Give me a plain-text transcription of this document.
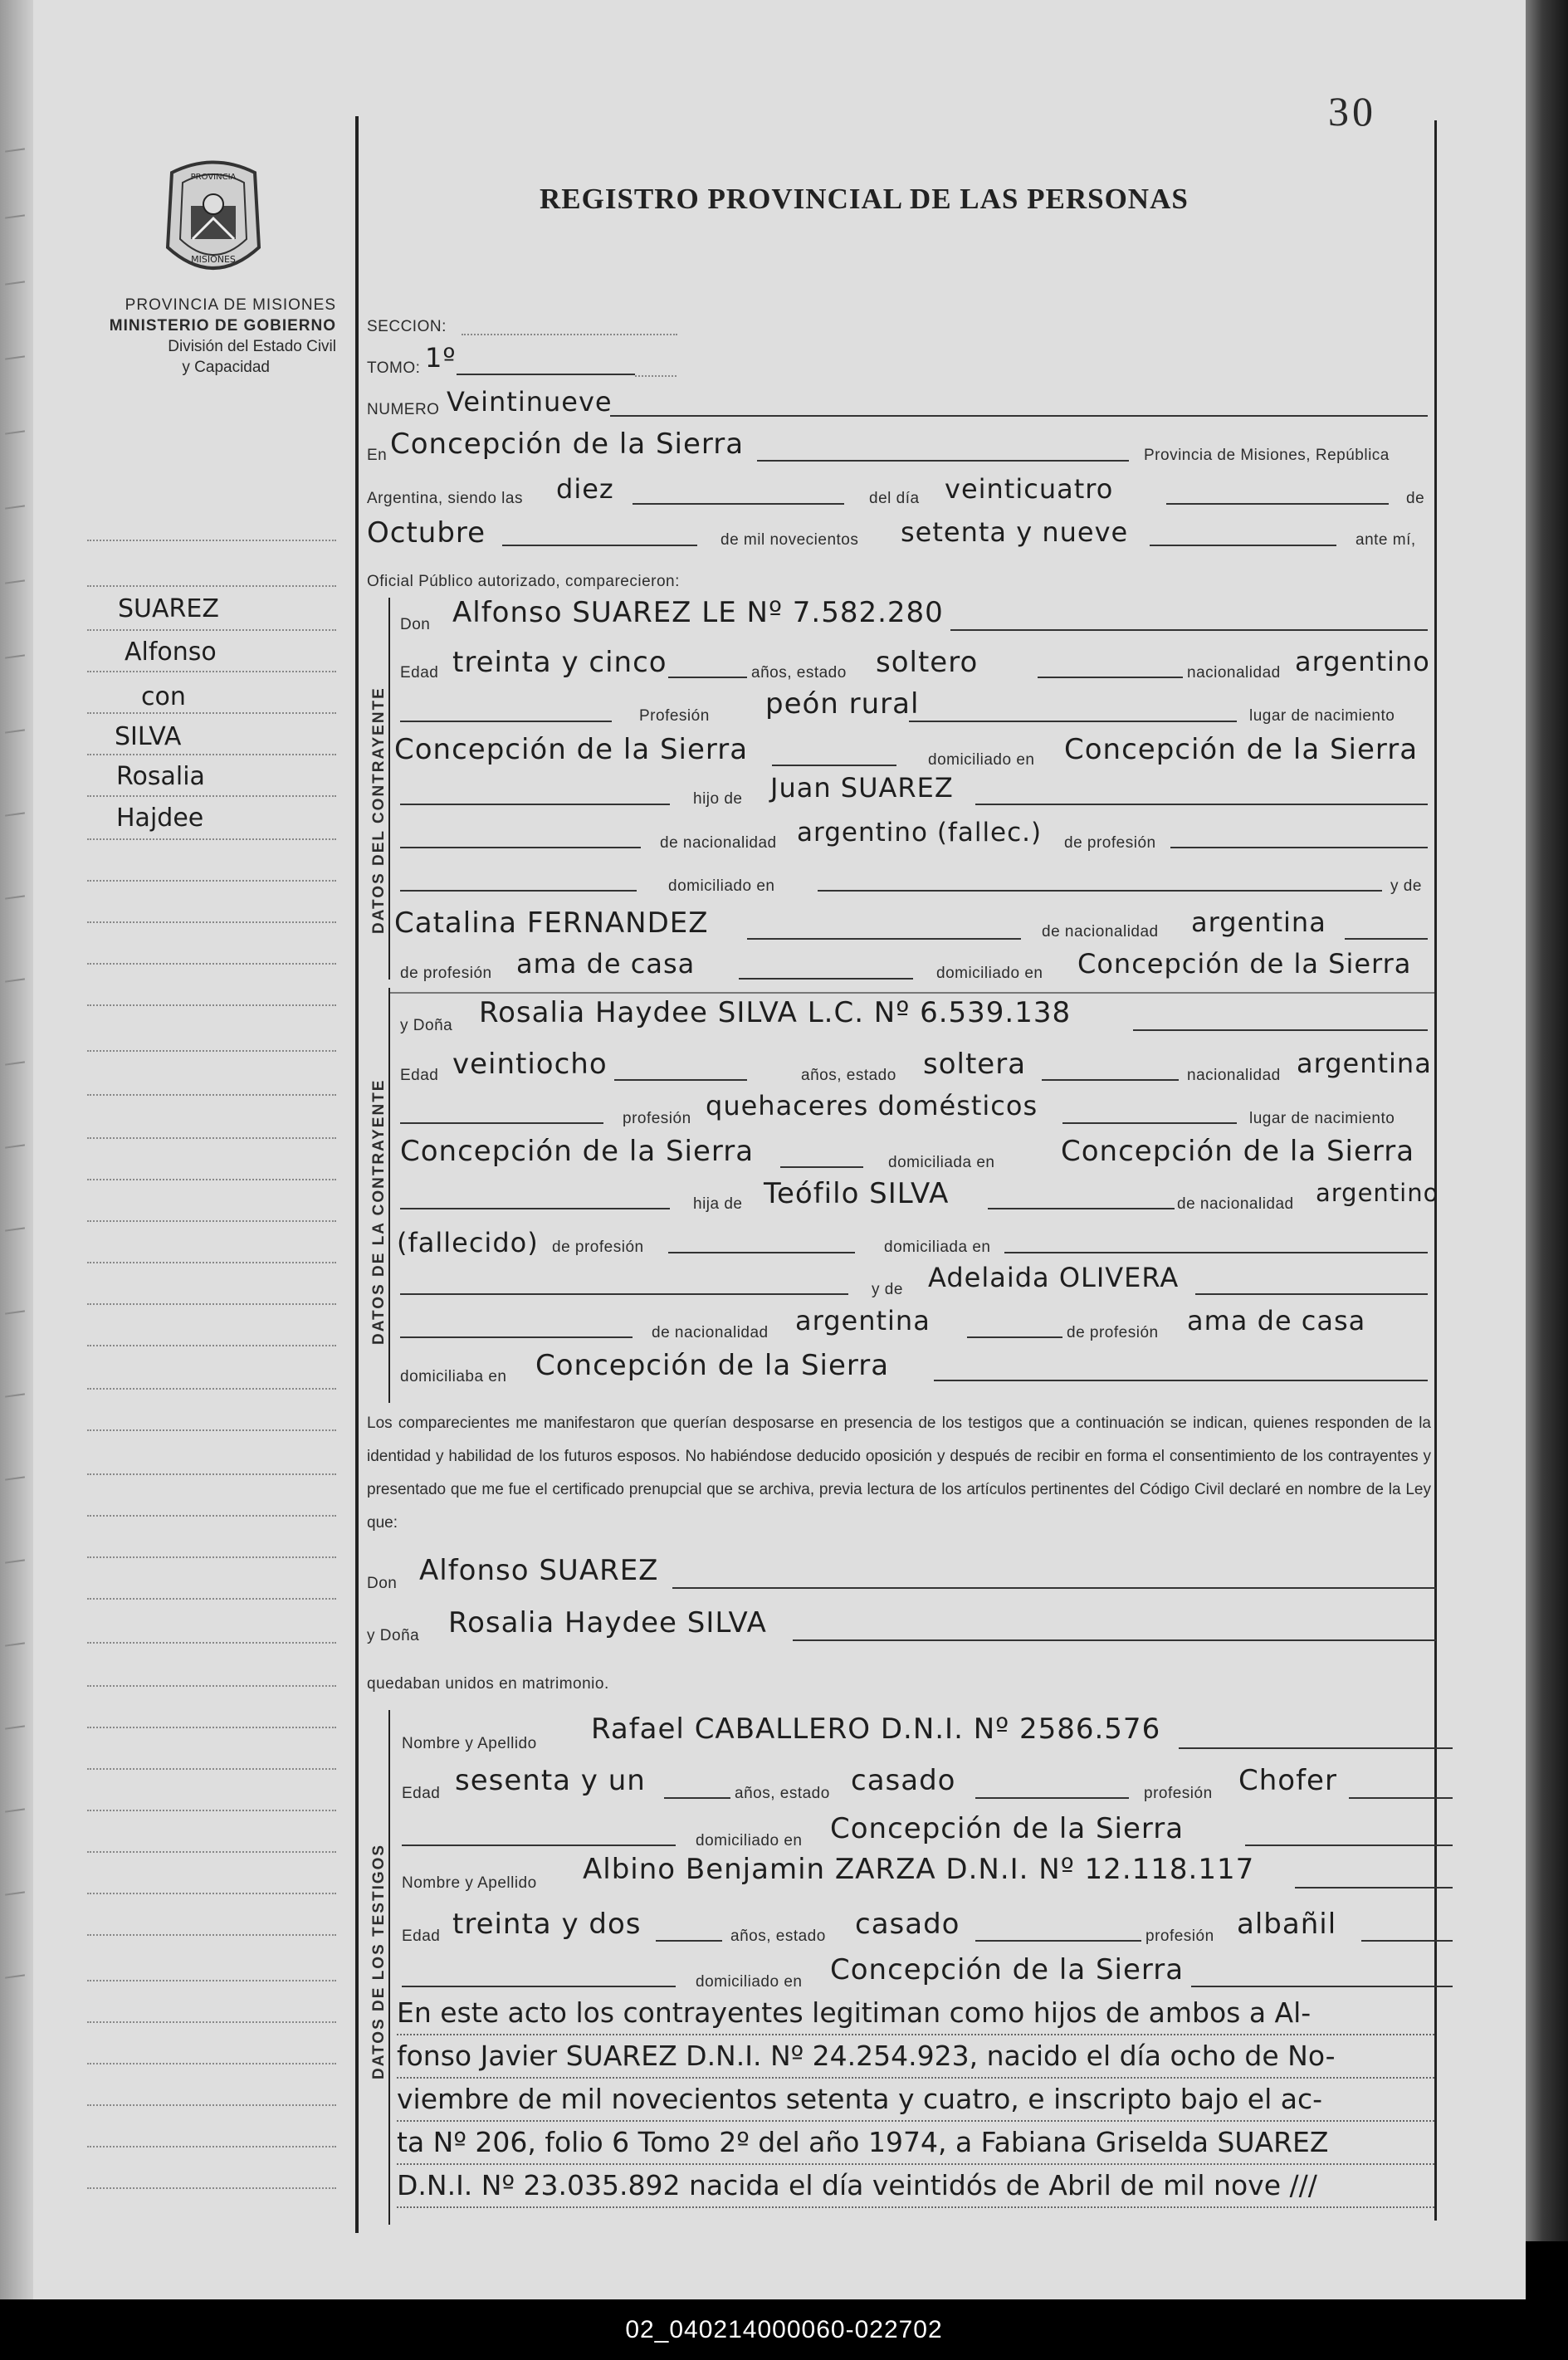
30
REGISTRO PROVINCIAL DE LAS PERSONAS
PROVINCIA
MISIONES
PROVINCIA DE MISIONES
MINISTERIO DE GOBIERNO
División del Estado Civil
y Capacidad
SUAREZ
Alfonso
con
SILVA
Rosalia
Hajdee
SECCION:
TOMO: 1º
NUMERO Veintinueve
En Concepción de la Sierra	Provincia de Misiones, República
Argentina, siendo las diez	del día veinticuatro	de
Octubre	de mil novecientos setenta y nueve	ante mí,
Oficial Público autorizado, comparecieron:
DATOS DEL CONTRAYENTE
Don Alfonso SUAREZ LE Nº 7.582.280
Edad treinta y cinco	años, estado soltero	nacionalidad argentino
Profesión peón rural	lugar de nacimiento
Concepción de la Sierra	domiciliado en Concepción de la Sierra
hijo de Juan SUAREZ
de nacionalidad argentino (fallec.) de profesión
domiciliado en	y de
Catalina FERNANDEZ	de nacionalidad argentina
de profesión ama de casa	domiciliado en Concepción de la Sierra
DATOS DE LA CONTRAYENTE
y Doña Rosalia Haydee SILVA L.C. Nº 6.539.138
Edad veintiocho	años, estado soltera	nacionalidad argentina
profesión quehaceres domésticos	lugar de nacimiento
Concepción de la Sierra	domiciliada en Concepción de la Sierra
hija de Teófilo SILVA	de nacionalidad argentino
(fallecido) de profesión	domiciliada en
y de Adelaida OLIVERA
de nacionalidad argentina	de profesión ama de casa
domiciliaba en Concepción de la Sierra
Los comparecientes me manifestaron que querían desposarse en presencia de los testigos que a continuación se indican, quienes responden de la identidad y habilidad de los futuros esposos. No habiéndose deducido oposición y después de recibir en forma el consentimiento de los contrayentes y presentado que me fue el certificado prenupcial que se archiva, previa lectura de los artículos pertinentes del Código Civil declaré en nombre de la Ley que:
Don Alfonso SUAREZ
y Doña Rosalia Haydee SILVA
quedaban unidos en matrimonio.
DATOS DE LOS TESTIGOS
Nombre y Apellido Rafael CABALLERO D.N.I. Nº 2586.576
Edad sesenta y un	años, estado casado	profesión Chofer
domiciliado en Concepción de la Sierra
Nombre y Apellido Albino Benjamin ZARZA D.N.I. Nº 12.118.117
Edad treinta y dos	años, estado casado	profesión albañil
domiciliado en Concepción de la Sierra
En este acto los contrayentes legitiman como hijos de ambos a Al-
fonso Javier SUAREZ D.N.I. Nº 24.254.923, nacido el día ocho de No-
viembre de mil novecientos setenta y cuatro, e inscripto bajo el ac-
ta Nº 206, folio 6 Tomo 2º del año 1974, a Fabiana Griselda SUAREZ
D.N.I. Nº 23.035.892 nacida el día veintidós de Abril de mil nove ///
02_040214000060-022702
